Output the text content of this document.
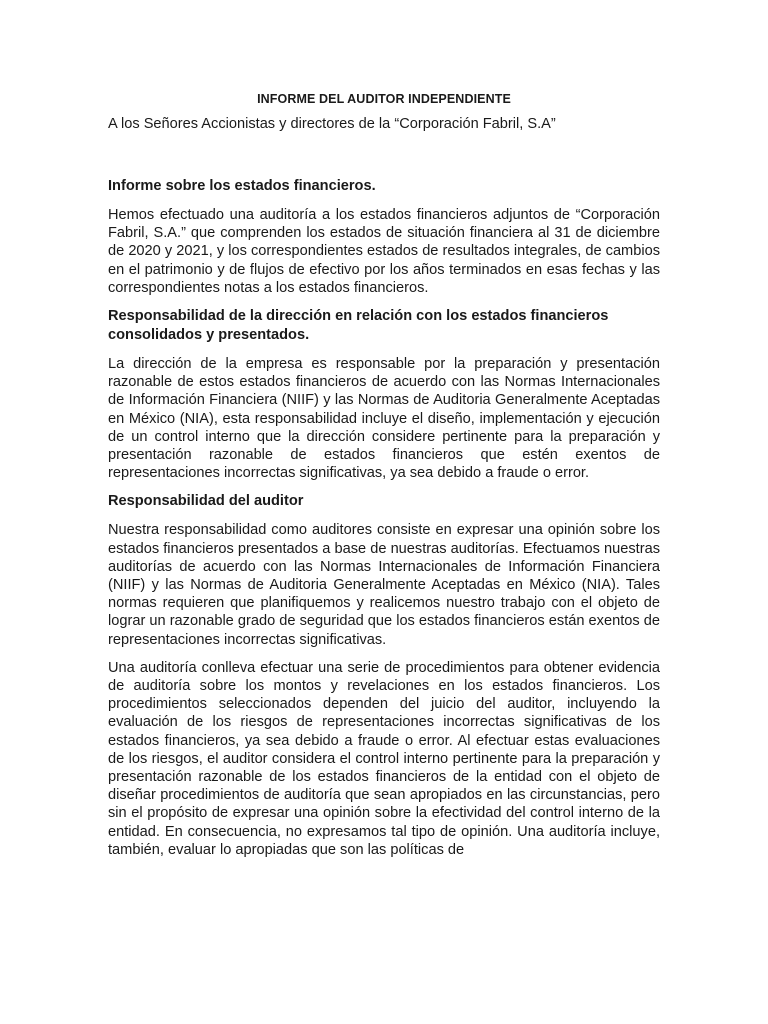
INFORME DEL AUDITOR INDEPENDIENTE
A los Señores Accionistas y directores de la “Corporación Fabril, S.A”
Informe sobre los estados financieros.
Hemos efectuado una auditoría a los estados financieros adjuntos de “Corporación Fabril, S.A.” que comprenden los estados de situación financiera al 31 de diciembre de 2020 y 2021, y los correspondientes estados de resultados integrales, de cambios en el patrimonio y de flujos de efectivo por los años terminados en esas fechas y las correspondientes notas a los estados financieros.
Responsabilidad de la dirección en relación con los estados financieros consolidados y presentados.
La dirección de la empresa es responsable por la preparación y presentación razonable de estos estados financieros de acuerdo con las Normas Internacionales de Información Financiera (NIIF) y las Normas de Auditoria Generalmente Aceptadas en México (NIA), esta responsabilidad incluye el diseño, implementación y ejecución de un control interno que la dirección considere pertinente para la preparación y presentación razonable de estados financieros que estén exentos de representaciones incorrectas significativas, ya sea debido a fraude o error.
Responsabilidad del auditor
Nuestra responsabilidad como auditores consiste en expresar una opinión sobre los estados financieros presentados a base de nuestras auditorías. Efectuamos nuestras auditorías de acuerdo con las Normas Internacionales de Información Financiera (NIIF) y las Normas de Auditoria Generalmente Aceptadas en México (NIA). Tales normas requieren que planifiquemos y realicemos nuestro trabajo con el objeto de lograr un razonable grado de seguridad que los estados financieros están exentos de representaciones incorrectas significativas.
Una auditoría conlleva efectuar una serie de procedimientos para obtener evidencia de auditoría sobre los montos y revelaciones en los estados financieros. Los procedimientos seleccionados dependen del juicio del auditor, incluyendo la evaluación de los riesgos de representaciones incorrectas significativas de los estados financieros, ya sea debido a fraude o error. Al efectuar estas evaluaciones de los riesgos, el auditor considera el control interno pertinente para la preparación y presentación razonable de los estados financieros de la entidad con el objeto de diseñar procedimientos de auditoría que sean apropiados en las circunstancias, pero sin el propósito de expresar una opinión sobre la efectividad del control interno de la entidad. En consecuencia, no expresamos tal tipo de opinión. Una auditoría incluye, también, evaluar lo apropiadas que son las políticas de
